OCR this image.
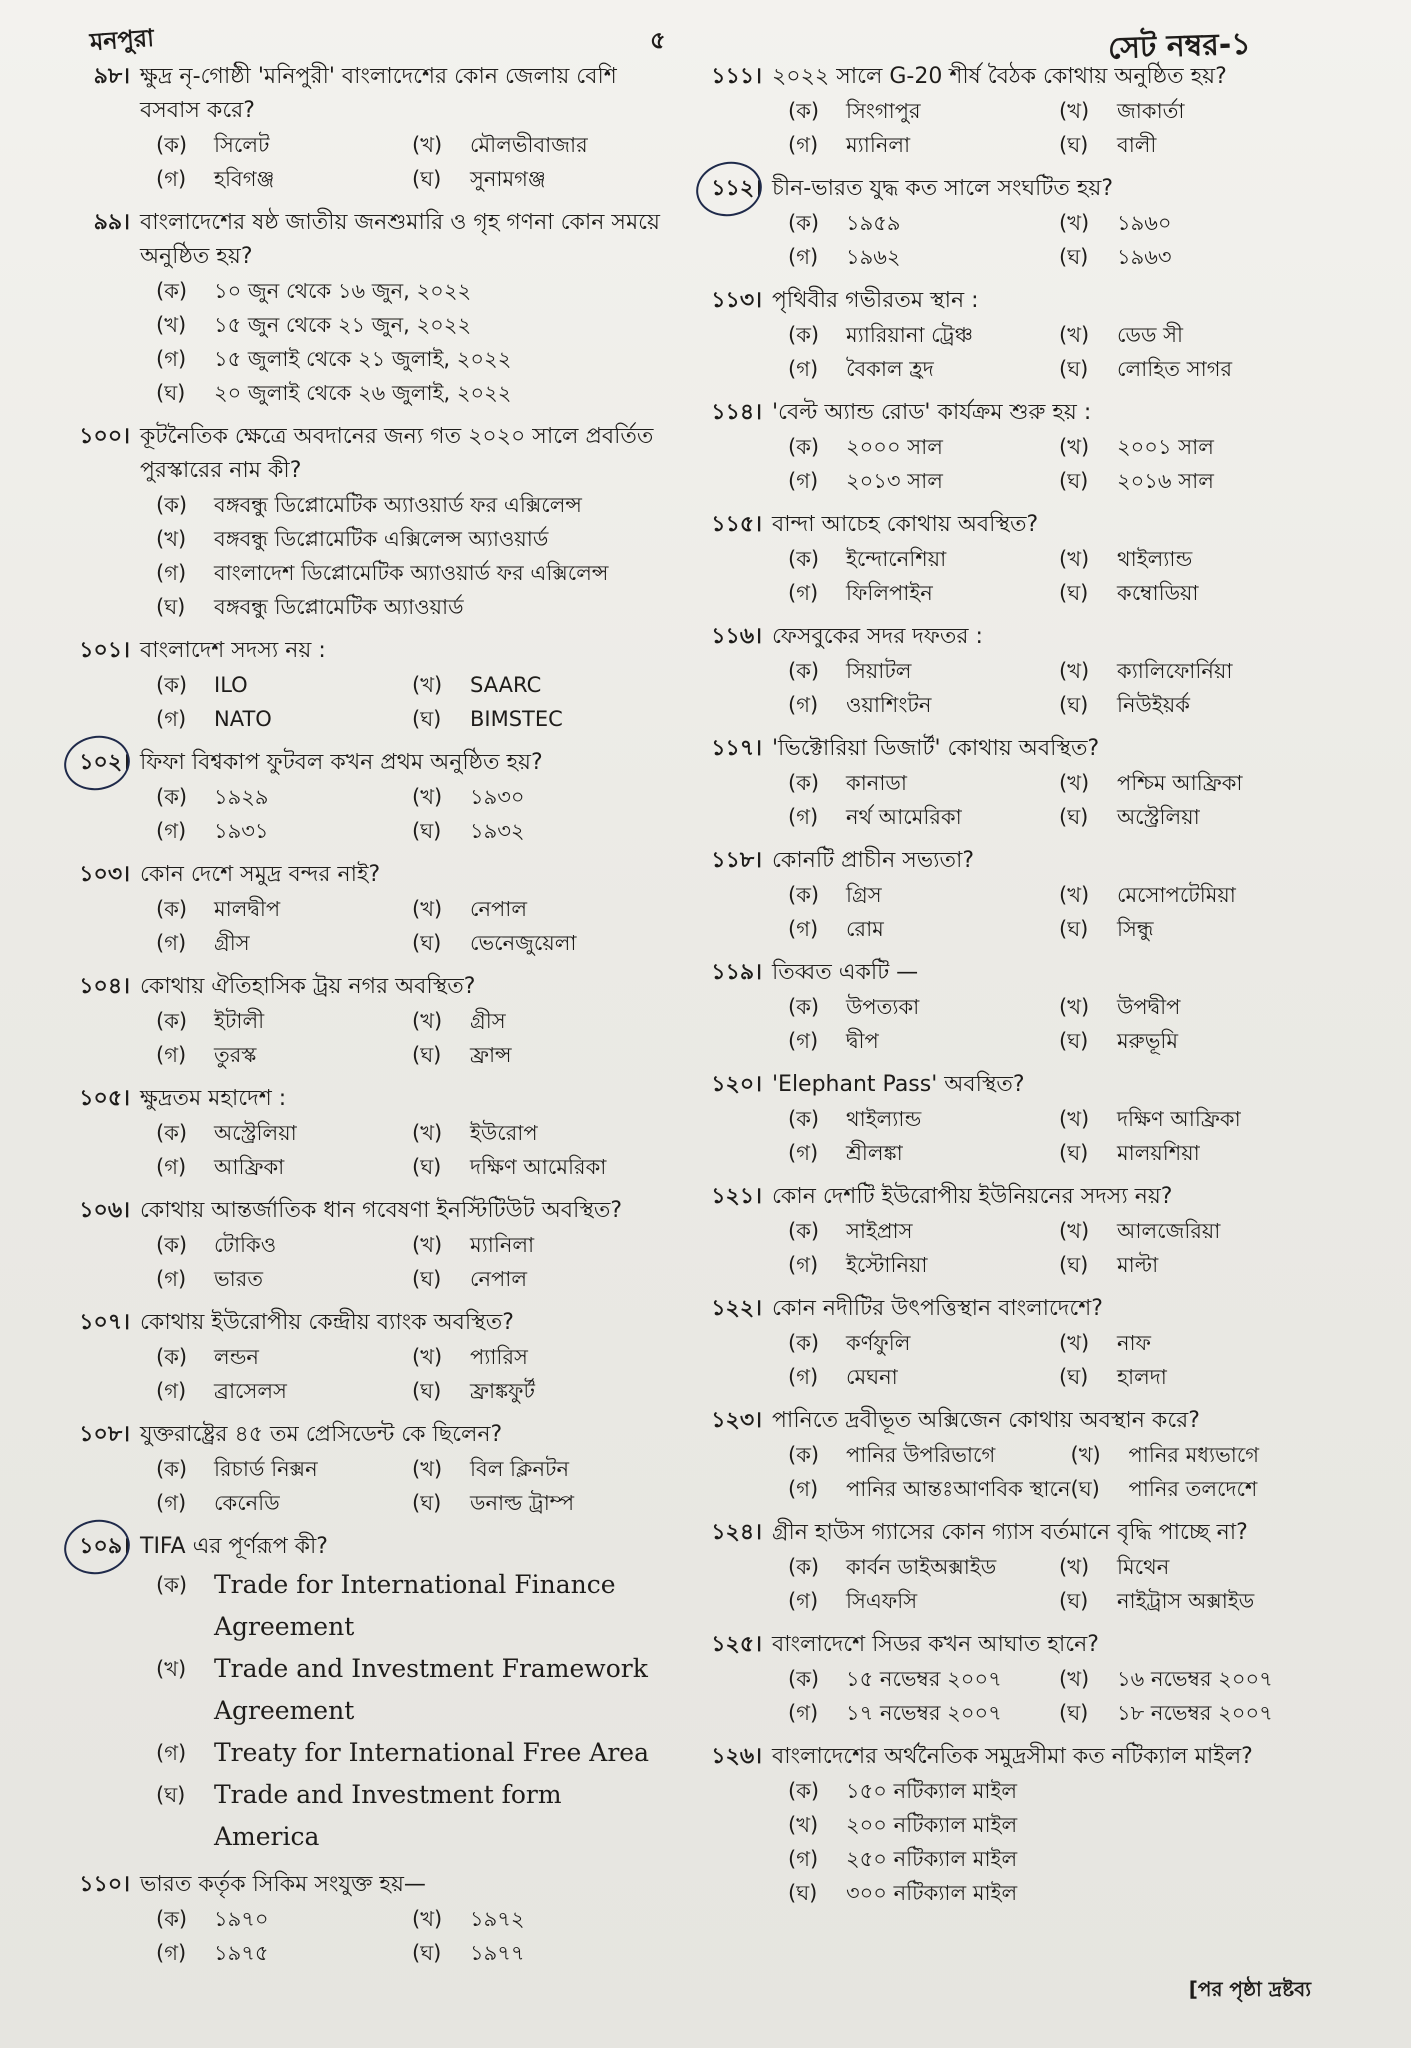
মনপুরা	৫	সেট নম্বর-১
৯৮। ক্ষুদ্র নৃ-গোষ্ঠী 'মনিপুরী' বাংলাদেশের কোন জেলায় বেশি বসবাস করে?
(ক)	সিলেট	(খ)	মৌলভীবাজার
(গ)	হবিগঞ্জ	(ঘ)	সুনামগঞ্জ
৯৯। বাংলাদেশের ষষ্ঠ জাতীয় জনশুমারি ও গৃহ গণনা কোন সময়ে অনুষ্ঠিত হয়?
(ক)	১০ জুন থেকে ১৬ জুন, ২০২২
(খ)	১৫ জুন থেকে ২১ জুন, ২০২২
(গ)	১৫ জুলাই থেকে ২১ জুলাই, ২০২২
(ঘ)	২০ জুলাই থেকে ২৬ জুলাই, ২০২২
১০০। কূটনৈতিক ক্ষেত্রে অবদানের জন্য গত ২০২০ সালে প্রবর্তিত পুরস্কারের নাম কী?
(ক)	বঙ্গবন্ধু ডিপ্লোমেটিক অ্যাওয়ার্ড ফর এক্সিলেন্স
(খ)	বঙ্গবন্ধু ডিপ্লোমেটিক এক্সিলেন্স অ্যাওয়ার্ড
(গ)	বাংলাদেশ ডিপ্লোমেটিক অ্যাওয়ার্ড ফর এক্সিলেন্স
(ঘ)	বঙ্গবন্ধু ডিপ্লোমেটিক অ্যাওয়ার্ড
১০১। বাংলাদেশ সদস্য নয় :
(ক)	ILO	(খ)	SAARC
(গ)	NATO	(ঘ)	BIMSTEC
১০২। ফিফা বিশ্বকাপ ফুটবল কখন প্রথম অনুষ্ঠিত হয়?
(ক)	১৯২৯	(খ)	১৯৩০
(গ)	১৯৩১	(ঘ)	১৯৩২
১০৩। কোন দেশে সমুদ্র বন্দর নাই?
(ক)	মালদ্বীপ	(খ)	নেপাল
(গ)	গ্রীস	(ঘ)	ভেনেজুয়েলা
১০৪। কোথায় ঐতিহাসিক ট্রয় নগর অবস্থিত?
(ক)	ইটালী	(খ)	গ্রীস
(গ)	তুরস্ক	(ঘ)	ফ্রান্স
১০৫। ক্ষুদ্রতম মহাদেশ :
(ক)	অস্ট্রেলিয়া	(খ)	ইউরোপ
(গ)	আফ্রিকা	(ঘ)	দক্ষিণ আমেরিকা
১০৬। কোথায় আন্তর্জাতিক ধান গবেষণা ইনস্টিটিউট অবস্থিত?
(ক)	টোকিও	(খ)	ম্যানিলা
(গ)	ভারত	(ঘ)	নেপাল
১০৭। কোথায় ইউরোপীয় কেন্দ্রীয় ব্যাংক অবস্থিত?
(ক)	লন্ডন	(খ)	প্যারিস
(গ)	ব্রাসেলস	(ঘ)	ফ্রাঙ্কফুর্ট
১০৮। যুক্তরাষ্ট্রের ৪৫ তম প্রেসিডেন্ট কে ছিলেন?
(ক)	রিচার্ড নিক্সন	(খ)	বিল ক্লিনটন
(গ)	কেনেডি	(ঘ)	ডনাল্ড ট্রাম্প
১০৯। TIFA এর পূর্ণরূপ কী?
(ক)	Trade for International Finance Agreement
(খ)	Trade and Investment Framework Agreement
(গ)	Treaty for International Free Area
(ঘ)	Trade and Investment form America
১১০। ভারত কর্তৃক সিকিম সংযুক্ত হয়—
(ক)	১৯৭০	(খ)	১৯৭২
(গ)	১৯৭৫	(ঘ)	১৯৭৭
১১১। ২০২২ সালে G-20 শীর্ষ বৈঠক কোথায় অনুষ্ঠিত হয়?
(ক)	সিংগাপুর	(খ)	জাকার্তা
(গ)	ম্যানিলা	(ঘ)	বালী
১১২। চীন-ভারত যুদ্ধ কত সালে সংঘটিত হয়?
(ক)	১৯৫৯	(খ)	১৯৬০
(গ)	১৯৬২	(ঘ)	১৯৬৩
১১৩। পৃথিবীর গভীরতম স্থান :
(ক)	ম্যারিয়ানা ট্রেঞ্চ	(খ)	ডেড সী
(গ)	বৈকাল হ্রদ	(ঘ)	লোহিত সাগর
১১৪। 'বেল্ট অ্যান্ড রোড' কার্যক্রম শুরু হয় :
(ক)	২০০০ সাল	(খ)	২০০১ সাল
(গ)	২০১৩ সাল	(ঘ)	২০১৬ সাল
১১৫। বান্দা আচেহ কোথায় অবস্থিত?
(ক)	ইন্দোনেশিয়া	(খ)	থাইল্যান্ড
(গ)	ফিলিপাইন	(ঘ)	কম্বোডিয়া
১১৬। ফেসবুকের সদর দফতর :
(ক)	সিয়াটল	(খ)	ক্যালিফোর্নিয়া
(গ)	ওয়াশিংটন	(ঘ)	নিউইয়র্ক
১১৭। 'ভিক্টোরিয়া ডিজার্ট' কোথায় অবস্থিত?
(ক)	কানাডা	(খ)	পশ্চিম আফ্রিকা
(গ)	নর্থ আমেরিকা	(ঘ)	অস্ট্রেলিয়া
১১৮। কোনটি প্রাচীন সভ্যতা?
(ক)	গ্রিস	(খ)	মেসোপটেমিয়া
(গ)	রোম	(ঘ)	সিন্ধু
১১৯। তিব্বত একটি —
(ক)	উপত্যকা	(খ)	উপদ্বীপ
(গ)	দ্বীপ	(ঘ)	মরুভূমি
১২০। 'Elephant Pass' অবস্থিত?
(ক)	থাইল্যান্ড	(খ)	দক্ষিণ আফ্রিকা
(গ)	শ্রীলঙ্কা	(ঘ)	মালয়শিয়া
১২১। কোন দেশটি ইউরোপীয় ইউনিয়নের সদস্য নয়?
(ক)	সাইপ্রাস	(খ)	আলজেরিয়া
(গ)	ইস্টোনিয়া	(ঘ)	মাল্টা
১২২। কোন নদীটির উৎপত্তিস্থান বাংলাদেশে?
(ক)	কর্ণফুলি	(খ)	নাফ
(গ)	মেঘনা	(ঘ)	হালদা
১২৩। পানিতে দ্রবীভূত অক্সিজেন কোথায় অবস্থান করে?
(ক)	পানির উপরিভাগে	(খ)	পানির মধ্যভাগে
(গ)	পানির আন্তঃআণবিক স্থানে (ঘ)	পানির তলদেশে
১২৪। গ্রীন হাউস গ্যাসের কোন গ্যাস বর্তমানে বৃদ্ধি পাচ্ছে না?
(ক)	কার্বন ডাইঅক্সাইড	(খ)	মিথেন
(গ)	সিএফসি	(ঘ)	নাইট্রাস অক্সাইড
১২৫। বাংলাদেশে সিডর কখন আঘাত হানে?
(ক)	১৫ নভেম্বর ২০০৭	(খ)	১৬ নভেম্বর ২০০৭
(গ)	১৭ নভেম্বর ২০০৭	(ঘ)	১৮ নভেম্বর ২০০৭
১২৬। বাংলাদেশের অর্থনৈতিক সমুদ্রসীমা কত নটিক্যাল মাইল?
(ক)	১৫০ নটিক্যাল মাইল
(খ)	২০০ নটিক্যাল মাইল
(গ)	২৫০ নটিক্যাল মাইল
(ঘ)	৩০০ নটিক্যাল মাইল
[পর পৃষ্ঠা দ্রষ্টব্য
